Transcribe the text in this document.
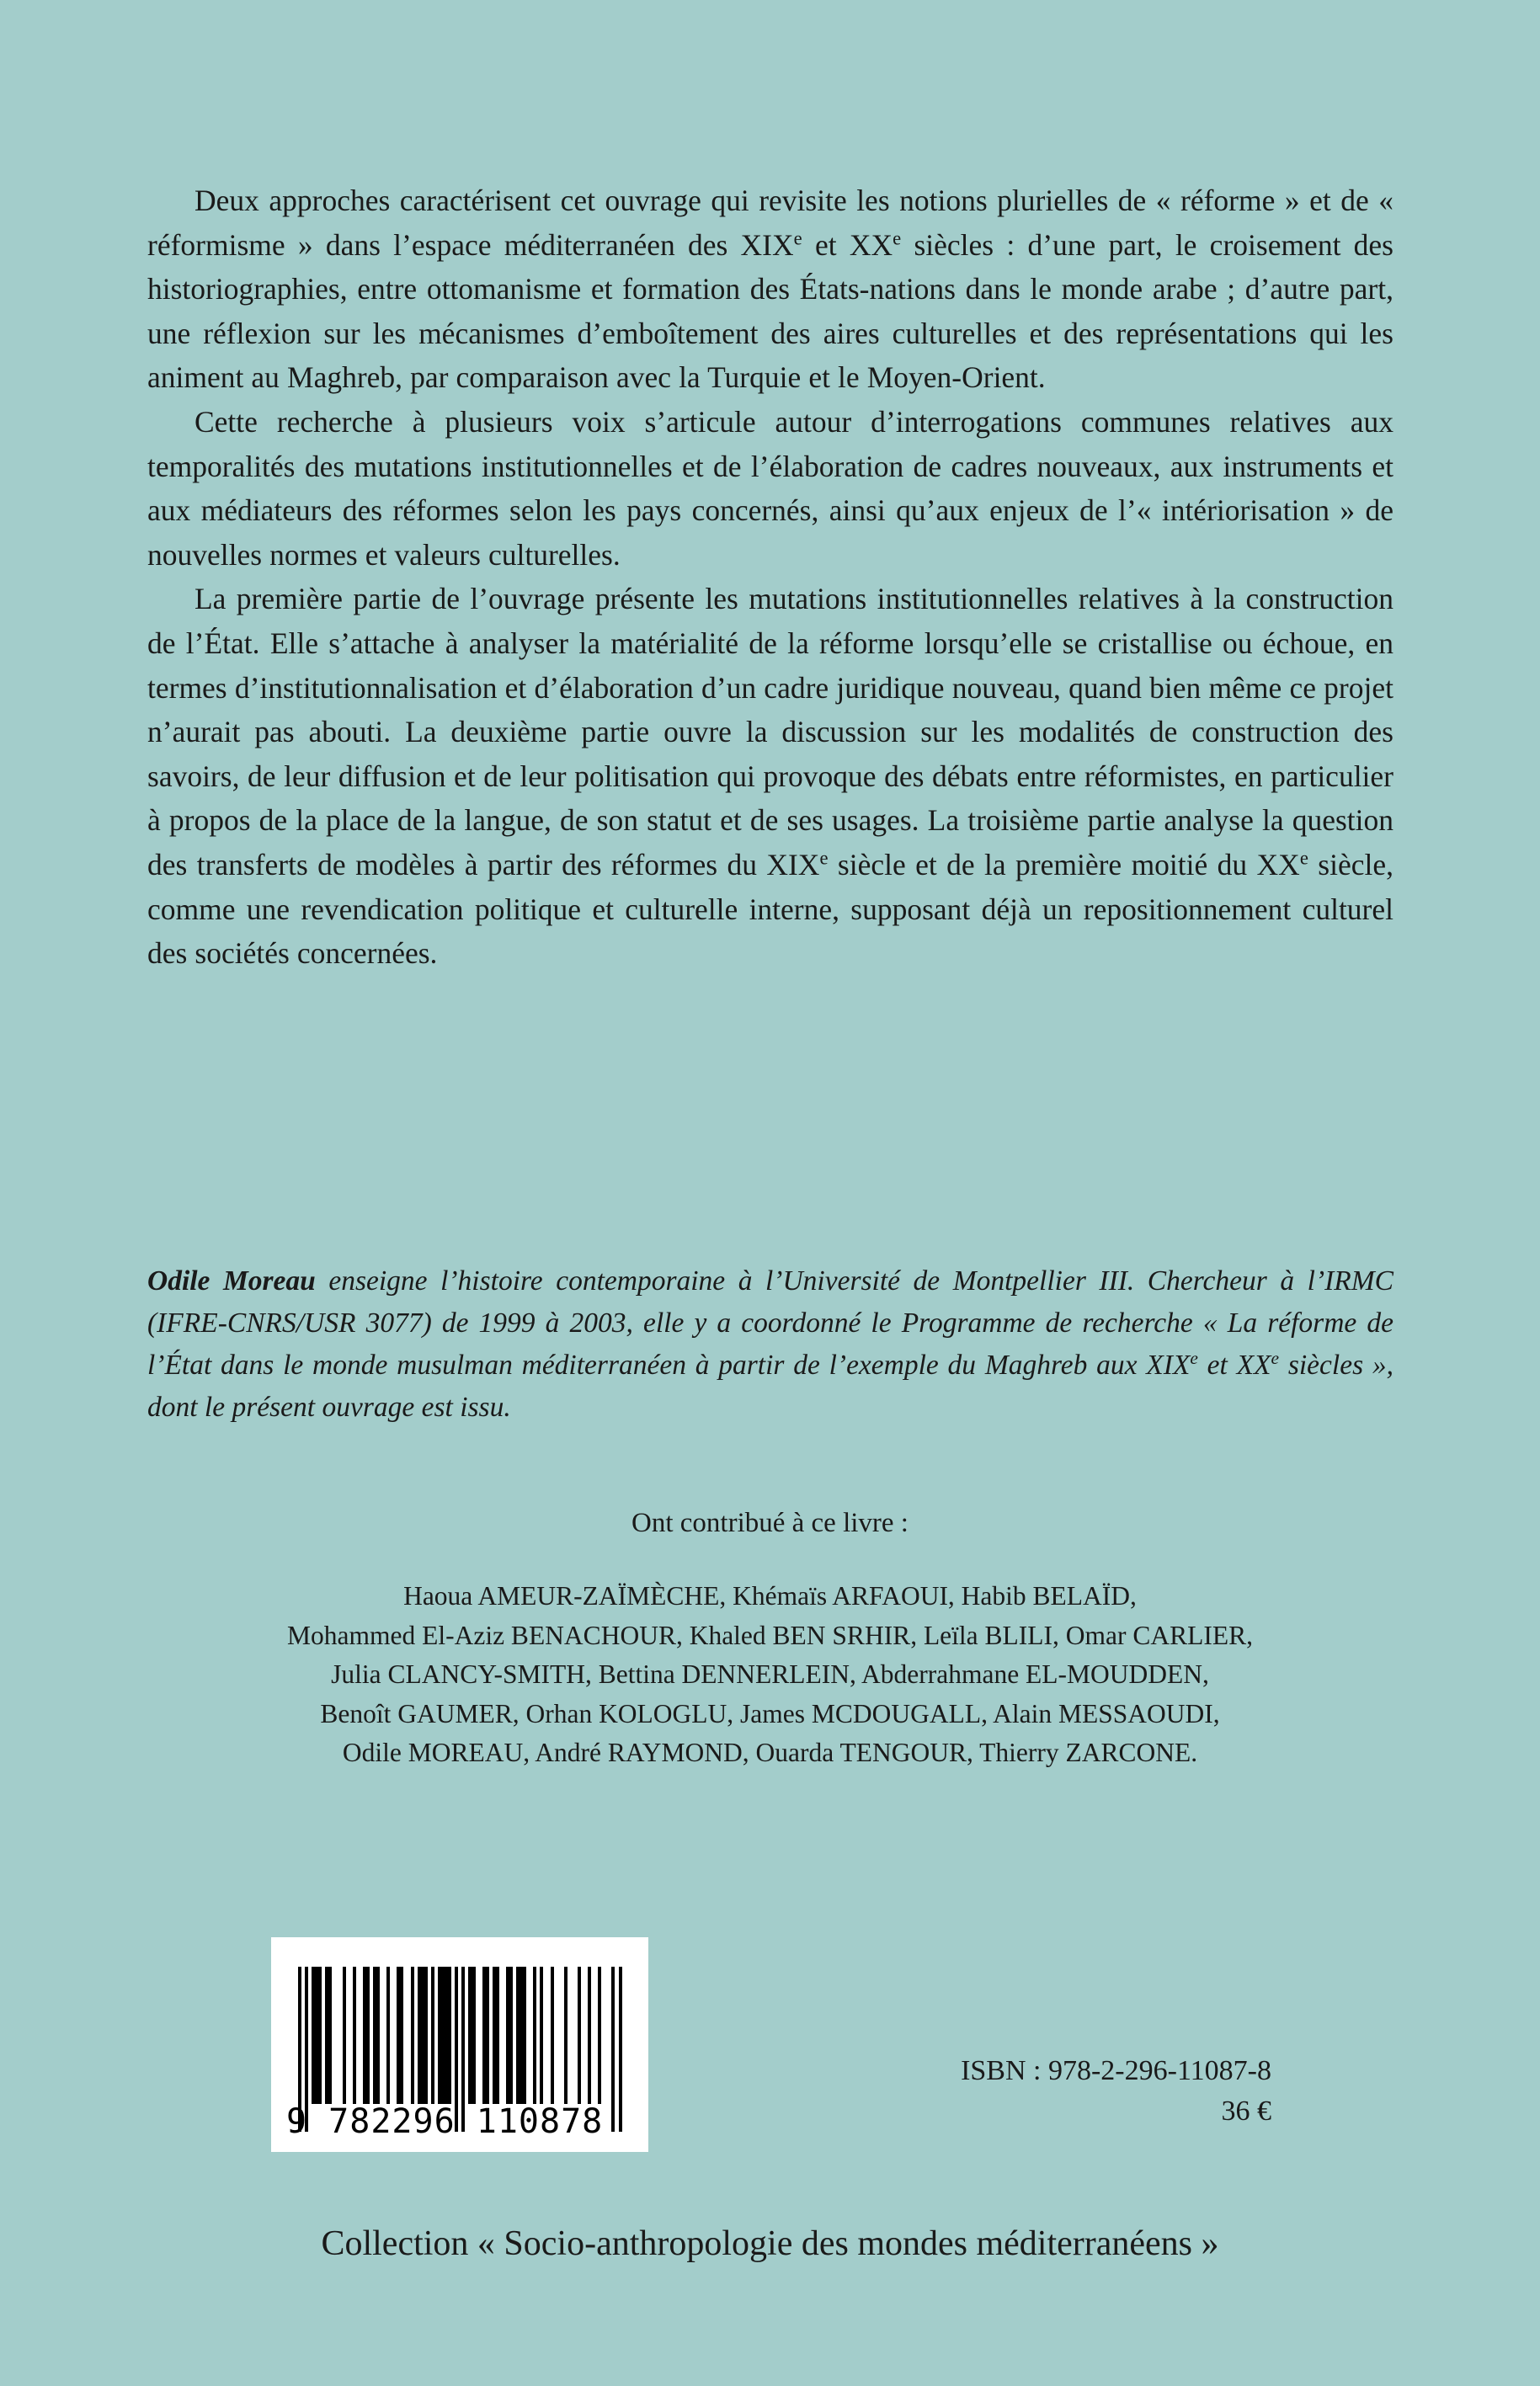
Deux approches caractérisent cet ouvrage qui revisite les notions plurielles de « réforme » et de « réformisme » dans l’espace méditerranéen des XIXe et XXe siècles : d’une part, le croisement des historiographies, entre ottomanisme et formation des États-nations dans le monde arabe ; d’autre part, une réflexion sur les mécanismes d’emboîtement des aires culturelles et des représentations qui les animent au Maghreb, par comparaison avec la Turquie et le Moyen-Orient.

Cette recherche à plusieurs voix s’articule autour d’interrogations communes relatives aux temporalités des mutations institutionnelles et de l’élaboration de cadres nouveaux, aux instruments et aux médiateurs des réformes selon les pays concernés, ainsi qu’aux enjeux de l’« intériorisation » de nouvelles normes et valeurs culturelles.

La première partie de l’ouvrage présente les mutations institutionnelles relatives à la construction de l’État. Elle s’attache à analyser la matérialité de la réforme lorsqu’elle se cristallise ou échoue, en termes d’institutionnalisation et d’élaboration d’un cadre juridique nouveau, quand bien même ce projet n’aurait pas abouti. La deuxième partie ouvre la discussion sur les modalités de construction des savoirs, de leur diffusion et de leur politisation qui provoque des débats entre réformistes, en particulier à propos de la place de la langue, de son statut et de ses usages. La troisième partie analyse la question des transferts de modèles à partir des réformes du XIXe siècle et de la première moitié du XXe siècle, comme une revendication politique et culturelle interne, supposant déjà un repositionnement culturel des sociétés concernées.

Odile Moreau enseigne l’histoire contemporaine à l’Université de Montpellier III. Chercheur à l’IRMC (IFRE-CNRS/USR 3077) de 1999 à 2003, elle y a coordonné le Programme de recherche « La réforme de l’État dans le monde musulman méditerranéen à partir de l’exemple du Maghreb aux XIXe et XXe siècles », dont le présent ouvrage est issu.

Ont contribué à ce livre :
Haoua AMEUR-ZAÏMÈCHE, Khémaïs ARFAOUI, Habib BELAÏD,
Mohammed El-Aziz BENACHOUR, Khaled BEN SRHIR, Leïla BLILI, Omar CARLIER,
Julia CLANCY-SMITH, Bettina DENNERLEIN, Abderrahmane EL-MOUDDEN,
Benoît GAUMER, Orhan KOLOGLU, James MCDOUGALL, Alain MESSAOUDI,
Odile MOREAU, André RAYMOND, Ouarda TENGOUR, Thierry ZARCONE.
9 782296 110878
ISBN : 978-2-296-11087-8
36 €
Collection « Socio-anthropologie des mondes méditerranéens »
